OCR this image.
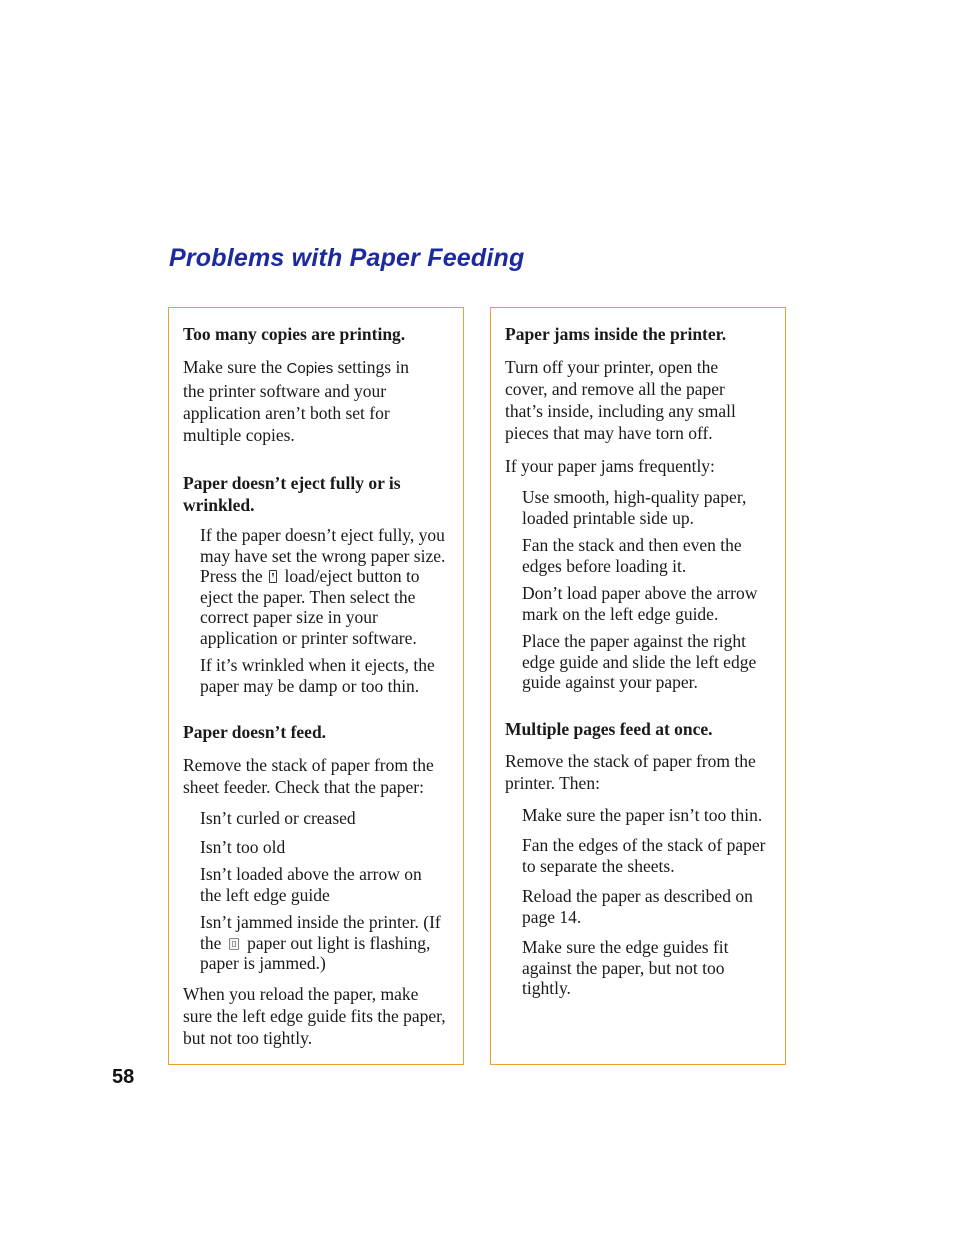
Problems with Paper Feeding

Too many copies are printing.

Make sure the Copies settings in the printer software and your application aren’t both set for multiple copies.

Paper doesn’t eject fully or is wrinkled.

If the paper doesn’t eject fully, you may have set the wrong paper size. Press the  load/eject button to eject the paper. Then select the correct paper size in your application or printer software.

If it’s wrinkled when it ejects, the paper may be damp or too thin.

Paper doesn’t feed.

Remove the stack of paper from the sheet feeder. Check that the paper:

Isn’t curled or creased

Isn’t too old

Isn’t loaded above the arrow on the left edge guide

Isn’t jammed inside the printer. (If the  paper out light is flashing, paper is jammed.)

When you reload the paper, make sure the left edge guide fits the paper, but not too tightly.

Paper jams inside the printer.

Turn off your printer, open the cover, and remove all the paper that’s inside, including any small pieces that may have torn off.

If your paper jams frequently:

Use smooth, high-quality paper, loaded printable side up.

Fan the stack and then even the edges before loading it.

Don’t load paper above the arrow mark on the left edge guide.

Place the paper against the right edge guide and slide the left edge guide against your paper.

Multiple pages feed at once.

Remove the stack of paper from the printer. Then:

Make sure the paper isn’t too thin.

Fan the edges of the stack of paper to separate the sheets.

Reload the paper as described on page 14.

Make sure the edge guides fit against the paper, but not too tightly.

58
